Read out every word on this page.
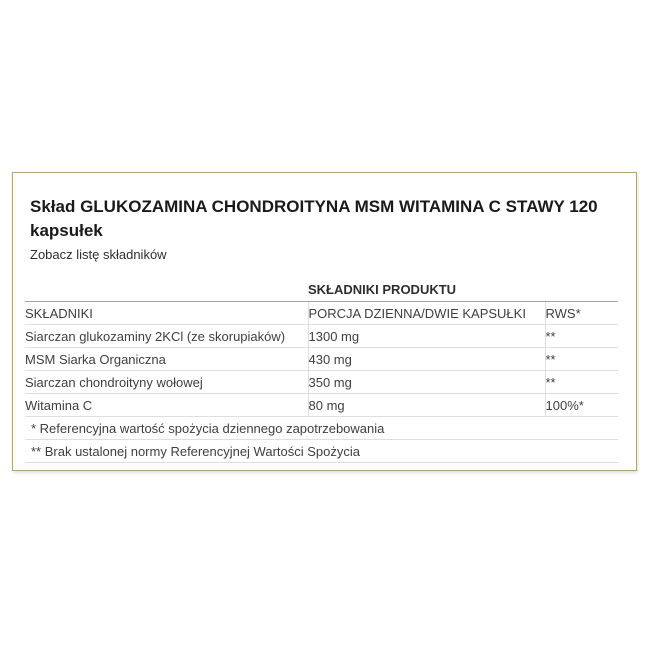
Skład GLUKOZAMINA CHONDROITYNA MSM WITAMINA C STAWY 120 kapsułek
Zobacz listę składników
	SKŁADNIKI PRODUKTU	
SKŁADNIKI	PORCJA DZIENNA/DWIE KAPSUŁKI	RWS*
Siarczan glukozaminy 2KCl (ze skorupiaków)	1300 mg	**
MSM Siarka Organiczna	430 mg	**
Siarczan chondroityny wołowej	350 mg	**
Witamina C	80 mg	100%*
* Referencyjna wartość spożycia dziennego zapotrzebowania		
** Brak ustalonej normy Referencyjnej Wartości Spożycia		
